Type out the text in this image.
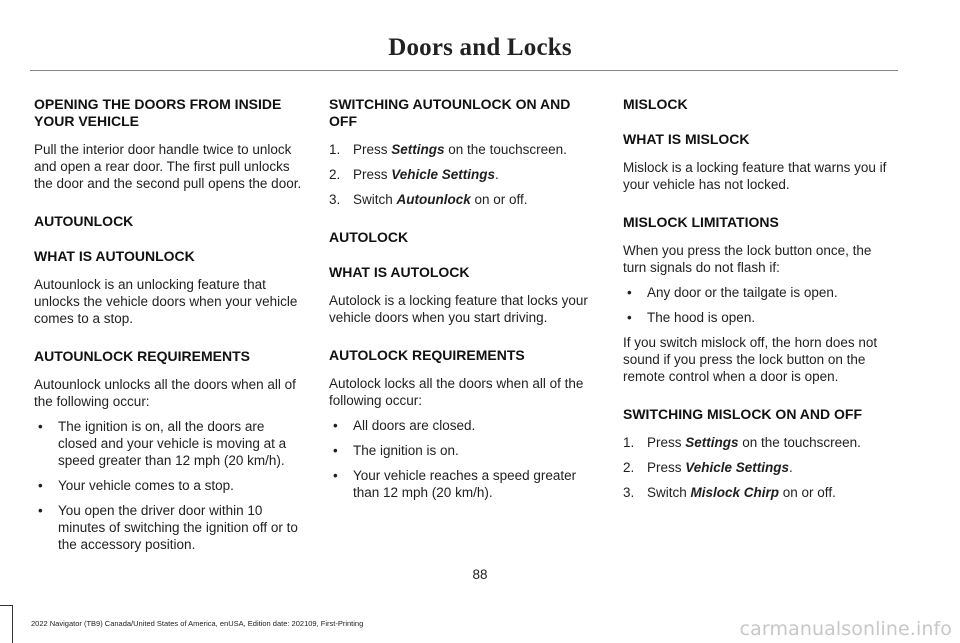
Doors and Locks
OPENING THE DOORS FROM INSIDE YOUR VEHICLE

Pull the interior door handle twice to unlock and open a rear door. The first pull unlocks the door and the second pull opens the door.

AUTOUNLOCK
WHAT IS AUTOUNLOCK

Autounlock is an unlocking feature that unlocks the vehicle doors when your vehicle comes to a stop.

AUTOUNLOCK REQUIREMENTS

Autounlock unlocks all the doors when all of the following occur:

• The ignition is on, all the doors are closed and your vehicle is moving at a speed greater than 12 mph (20 km/h).
• Your vehicle comes to a stop.
• You open the driver door within 10 minutes of switching the ignition off or to the accessory position.
SWITCHING AUTOUNLOCK ON AND OFF
1. Press Settings on the touchscreen.
2. Press Vehicle Settings.
3. Switch Autounlock on or off.
AUTOLOCK
WHAT IS AUTOLOCK

Autolock is a locking feature that locks your vehicle doors when you start driving.

AUTOLOCK REQUIREMENTS

Autolock locks all the doors when all of the following occur:

• All doors are closed.
• The ignition is on.
• Your vehicle reaches a speed greater than 12 mph (20 km/h).
MISLOCK
WHAT IS MISLOCK

Mislock is a locking feature that warns you if your vehicle has not locked.

MISLOCK LIMITATIONS

When you press the lock button once, the turn signals do not flash if:

• Any door or the tailgate is open.
• The hood is open.

If you switch mislock off, the horn does not sound if you press the lock button on the remote control when a door is open.

SWITCHING MISLOCK ON AND OFF
1. Press Settings on the touchscreen.
2. Press Vehicle Settings.
3. Switch Mislock Chirp on or off.
88
2022 Navigator (TB9) Canada/United States of America, enUSA, Edition date: 202109, First-Printing	carmanualsonline.info
